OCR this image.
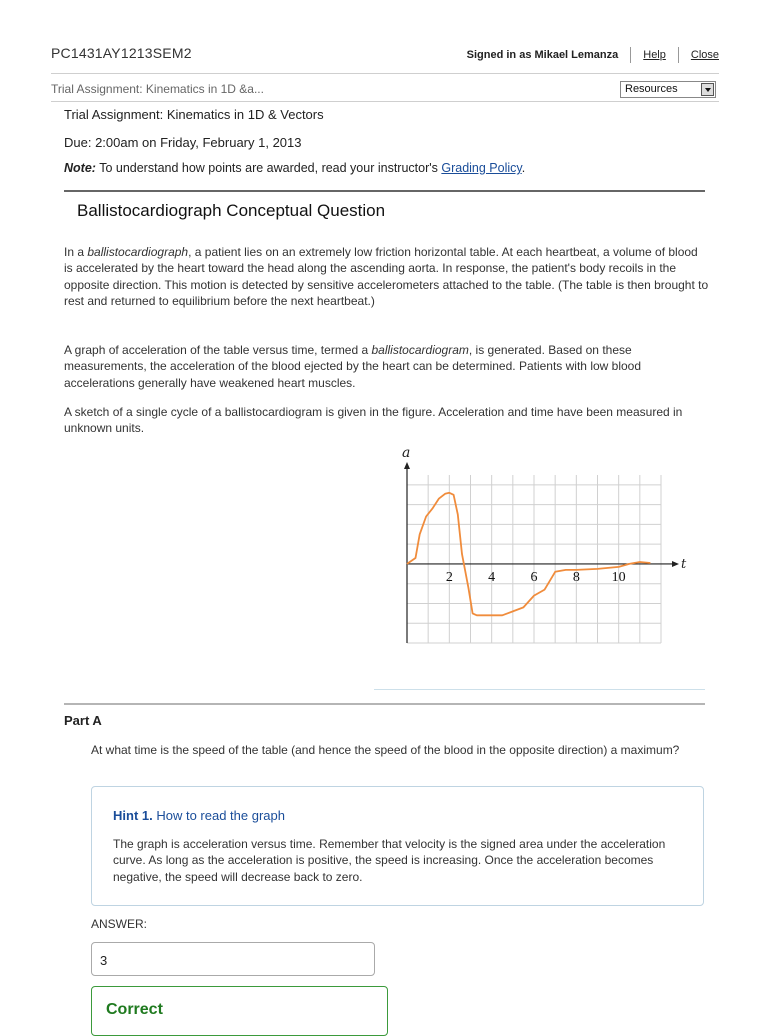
PC1431AY1213SEM2	Signed in as Mikael Lemanza Help Close
Trial Assignment: Kinematics in 1D &a...	Resources
Trial Assignment: Kinematics in 1D & Vectors
Due: 2:00am on Friday, February 1, 2013
Note: To understand how points are awarded, read your instructor's Grading Policy.
Ballistocardiograph Conceptual Question
In a ballistocardiograph, a patient lies on an extremely low friction horizontal table. At each heartbeat, a volume of blood is accelerated by the heart toward the head along the ascending aorta. In response, the patient's body recoils in the opposite direction. This motion is detected by sensitive accelerometers attached to the table. (The table is then brought to rest and returned to equilibrium before the next heartbeat.)
A graph of acceleration of the table versus time, termed a ballistocardiogram, is generated. Based on these measurements, the acceleration of the blood ejected by the heart can be determined. Patients with low blood accelerations generally have weakened heart muscles.
A sketch of a single cycle of a ballistocardiogram is given in the figure. Acceleration and time have been measured in unknown units.
a
t
2	4	6	8 10
Part A
At what time is the speed of the table (and hence the speed of the blood in the opposite direction) a maximum?
Hint 1. How to read the graph
The graph is acceleration versus time. Remember that velocity is the signed area under the acceleration curve. As long as the acceleration is positive, the speed is increasing. Once the acceleration becomes negative, the speed will decrease back to zero.
ANSWER:
3
Correct
